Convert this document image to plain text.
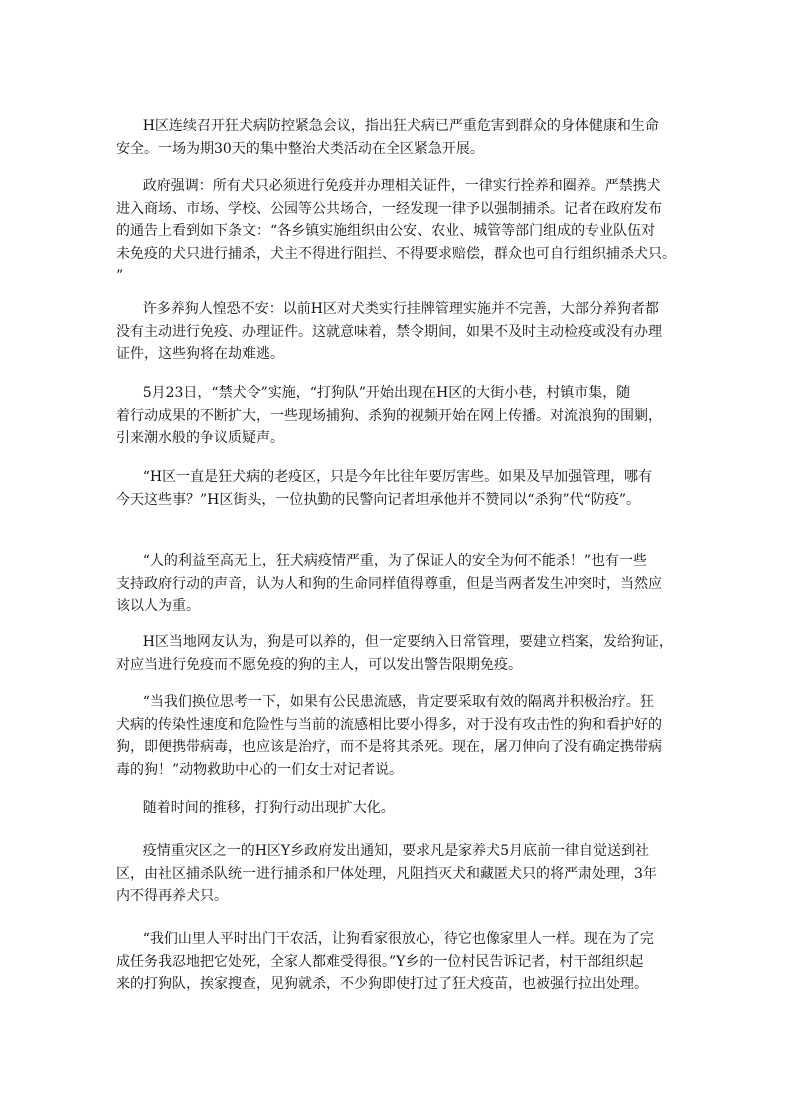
H区连续召开狂犬病防控紧急会议，指出狂犬病已严重危害到群众的身体健康和生命
安全。一场为期30天的集中整治犬类活动在全区紧急开展。

政府强调：所有犬只必须进行免疫并办理相关证件，一律实行拴养和圈养。严禁携犬
进入商场、市场、学校、公园等公共场合，一经发现一律予以强制捕杀。记者在政府发布
的通告上看到如下条文：“各乡镇实施组织由公安、农业、城管等部门组成的专业队伍对
未免疫的犬只进行捕杀，犬主不得进行阻拦、不得要求赔偿，群众也可自行组织捕杀犬只。
”

许多养狗人惶恐不安：以前H区对犬类实行挂牌管理实施并不完善，大部分养狗者都
没有主动进行免疫、办理证件。这就意味着，禁令期间，如果不及时主动检疫或没有办理
证件，这些狗将在劫难逃。

5月23日，“禁犬令”实施，“打狗队”开始出现在H区的大街小巷，村镇市集，随
着行动成果的不断扩大，一些现场捕狗、杀狗的视频开始在网上传播。对流浪狗的围剿，
引来潮水般的争议质疑声。

“H区一直是狂犬病的老疫区，只是今年比往年要厉害些。如果及早加强管理，哪有
今天这些事？”H区街头，一位执勤的民警向记者坦承他并不赞同以“杀狗”代“防疫”。

“人的利益至高无上，狂犬病疫情严重，为了保证人的安全为何不能杀！”也有一些
支持政府行动的声音，认为人和狗的生命同样值得尊重，但是当两者发生冲突时，当然应
该以人为重。

H区当地网友认为，狗是可以养的，但一定要纳入日常管理，要建立档案，发给狗证，
对应当进行免疫而不愿免疫的狗的主人，可以发出警告限期免疫。

“当我们换位思考一下，如果有公民患流感，肯定要采取有效的隔离并积极治疗。狂
犬病的传染性速度和危险性与当前的流感相比要小得多，对于没有攻击性的狗和看护好的
狗，即便携带病毒，也应该是治疗，而不是将其杀死。现在，屠刀伸向了没有确定携带病
毒的狗！”动物救助中心的一们女士对记者说。

随着时间的推移，打狗行动出现扩大化。

疫情重灾区之一的H区Y乡政府发出通知，要求凡是家养犬5月底前一律自觉送到社
区，由社区捕杀队统一进行捕杀和尸体处理，凡阻挡灭犬和藏匿犬只的将严肃处理，3年
内不得再养犬只。

“我们山里人平时出门干农活，让狗看家很放心，待它也像家里人一样。现在为了完
成任务我忍地把它处死，全家人都难受得很。”Y乡的一位村民告诉记者，村干部组织起
来的打狗队，挨家搜查，见狗就杀，不少狗即使打过了狂犬疫苗，也被强行拉出处理。
